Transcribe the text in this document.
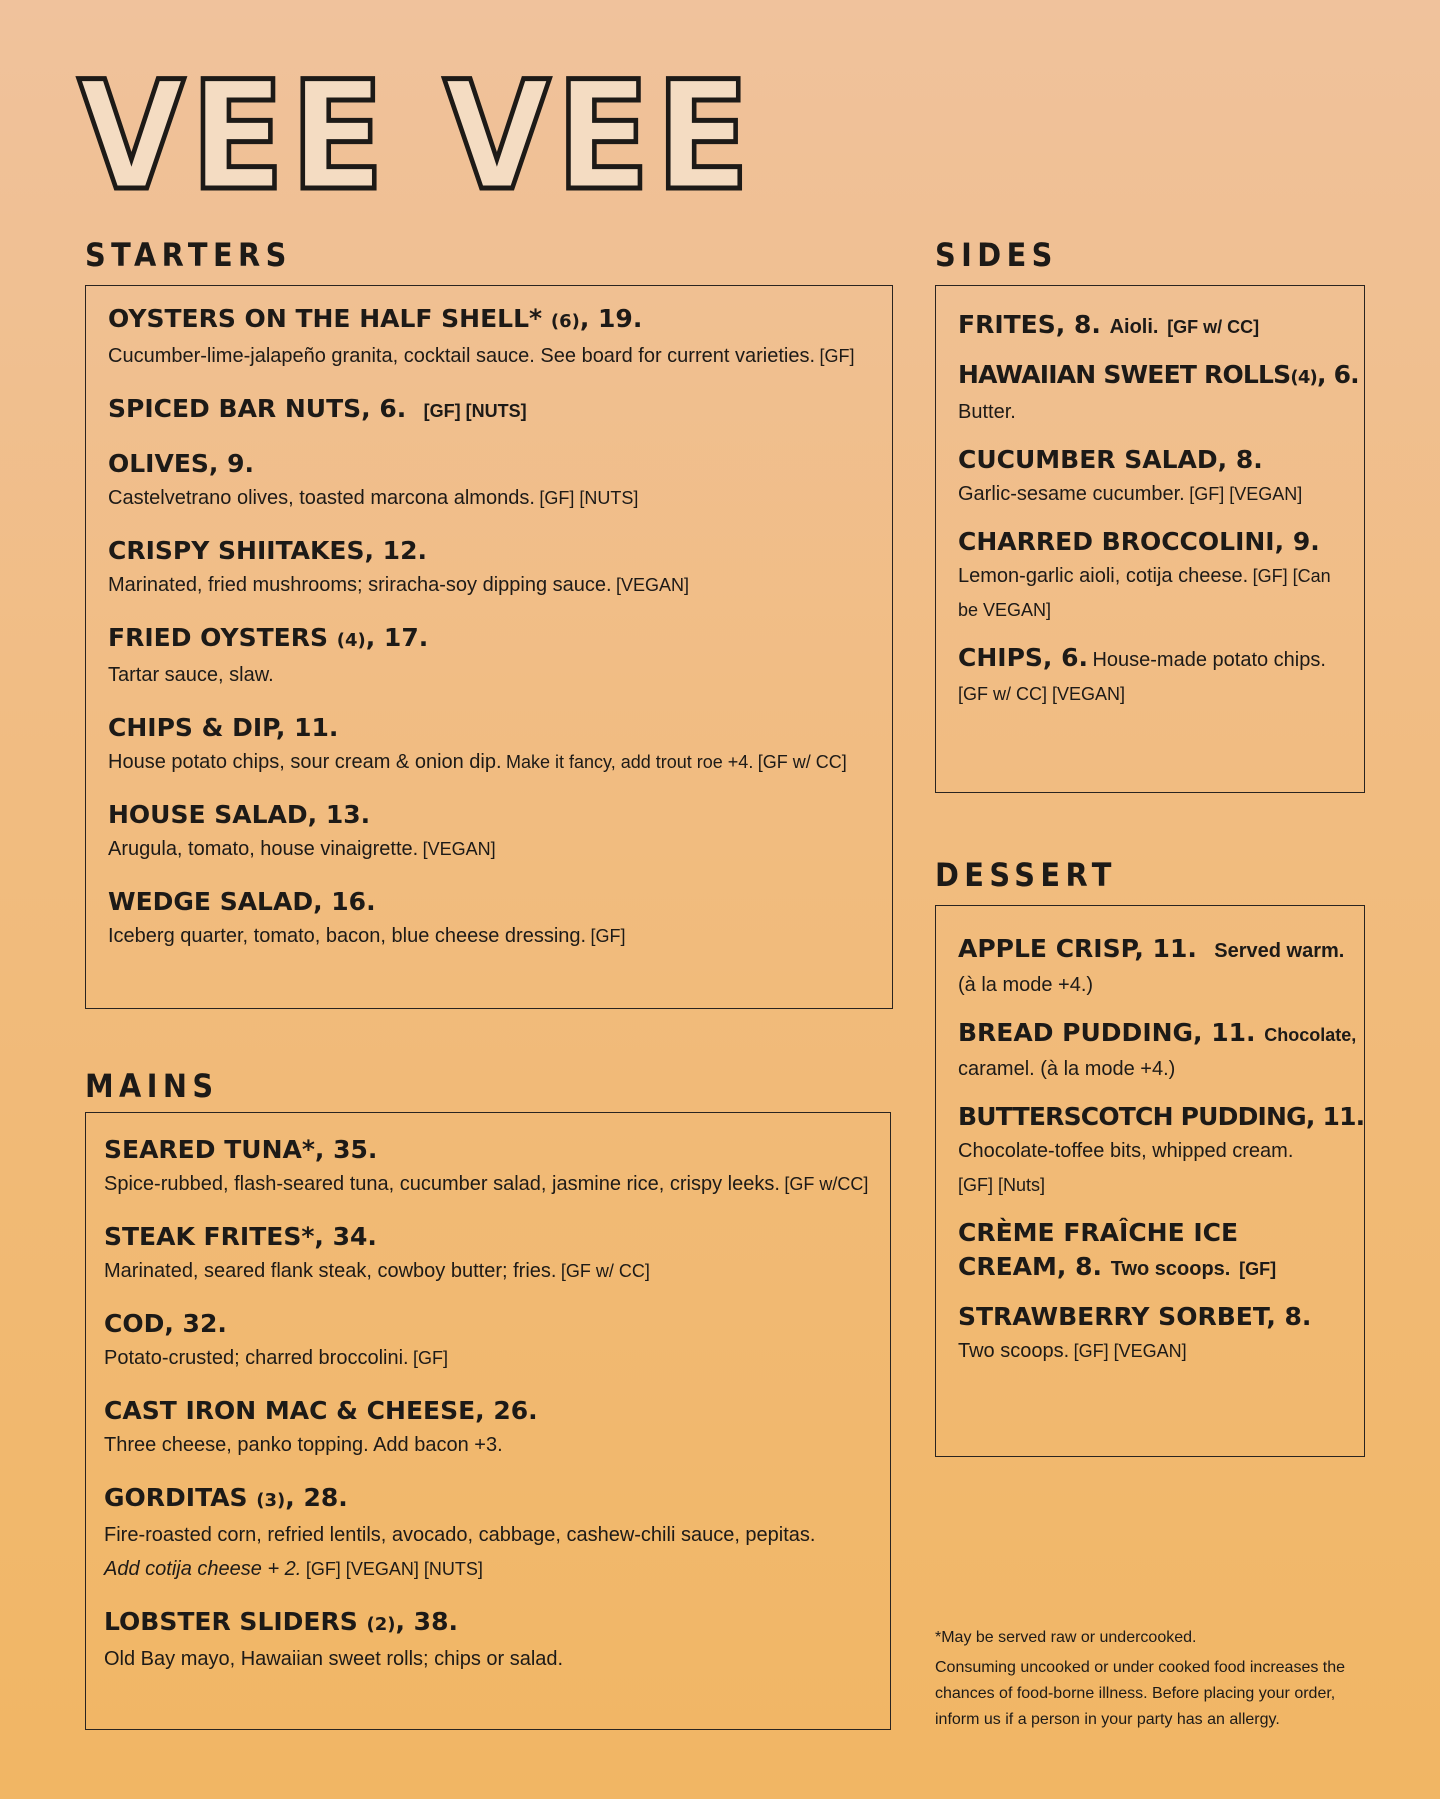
VEE VEE
STARTERS
OYSTERS ON THE HALF SHELL* (6), 19.
Cucumber-lime-jalapeño granita, cocktail sauce. See board for current varieties. [GF]
SPICED BAR NUTS, 6. [GF] [NUTS]
OLIVES, 9.
Castelvetrano olives, toasted marcona almonds. [GF] [NUTS]
CRISPY SHIITAKES, 12.
Marinated, fried mushrooms; sriracha-soy dipping sauce. [VEGAN]
FRIED OYSTERS (4), 17.
Tartar sauce, slaw.
CHIPS & DIP, 11.
House potato chips, sour cream & onion dip. Make it fancy, add trout roe +4. [GF w/ CC]
HOUSE SALAD, 13.
Arugula, tomato, house vinaigrette. [VEGAN]
WEDGE SALAD, 16.
Iceberg quarter, tomato, bacon, blue cheese dressing. [GF]
MAINS
SEARED TUNA*, 35.
Spice-rubbed, flash-seared tuna, cucumber salad, jasmine rice, crispy leeks. [GF w/CC]
STEAK FRITES*, 34.
Marinated, seared flank steak, cowboy butter; fries. [GF w/ CC]
COD, 32.
Potato-crusted; charred broccolini. [GF]
CAST IRON MAC & CHEESE, 26.
Three cheese, panko topping. Add bacon +3.
GORDITAS (3), 28.
Fire-roasted corn, refried lentils, avocado, cabbage, cashew-chili sauce, pepitas.
Add cotija cheese + 2. [GF] [VEGAN] [NUTS]
LOBSTER SLIDERS (2), 38.
Old Bay mayo, Hawaiian sweet rolls; chips or salad.
SIDES
FRITES, 8. Aioli. [GF w/ CC]
HAWAIIAN SWEET ROLLS(4), 6.
Butter.
CUCUMBER SALAD, 8.
Garlic-sesame cucumber. [GF] [VEGAN]
CHARRED BROCCOLINI, 9.
Lemon-garlic aioli, cotija cheese. [GF] [Can be VEGAN]
CHIPS, 6. House-made potato chips. [GF w/ CC] [VEGAN]
DESSERT
APPLE CRISP, 11. Served warm.
(à la mode +4.)
BREAD PUDDING, 11. Chocolate,
caramel. (à la mode +4.)
BUTTERSCOTCH PUDDING, 11.
Chocolate-toffee bits, whipped cream.
[GF] [Nuts]
CRÈME FRAÎCHE ICE
CREAM, 8. Two scoops. [GF]
STRAWBERRY SORBET, 8.
Two scoops. [GF] [VEGAN]
*May be served raw or undercooked.
Consuming uncooked or under cooked food increases the chances of food-borne illness. Before placing your order, inform us if a person in your party has an allergy.
